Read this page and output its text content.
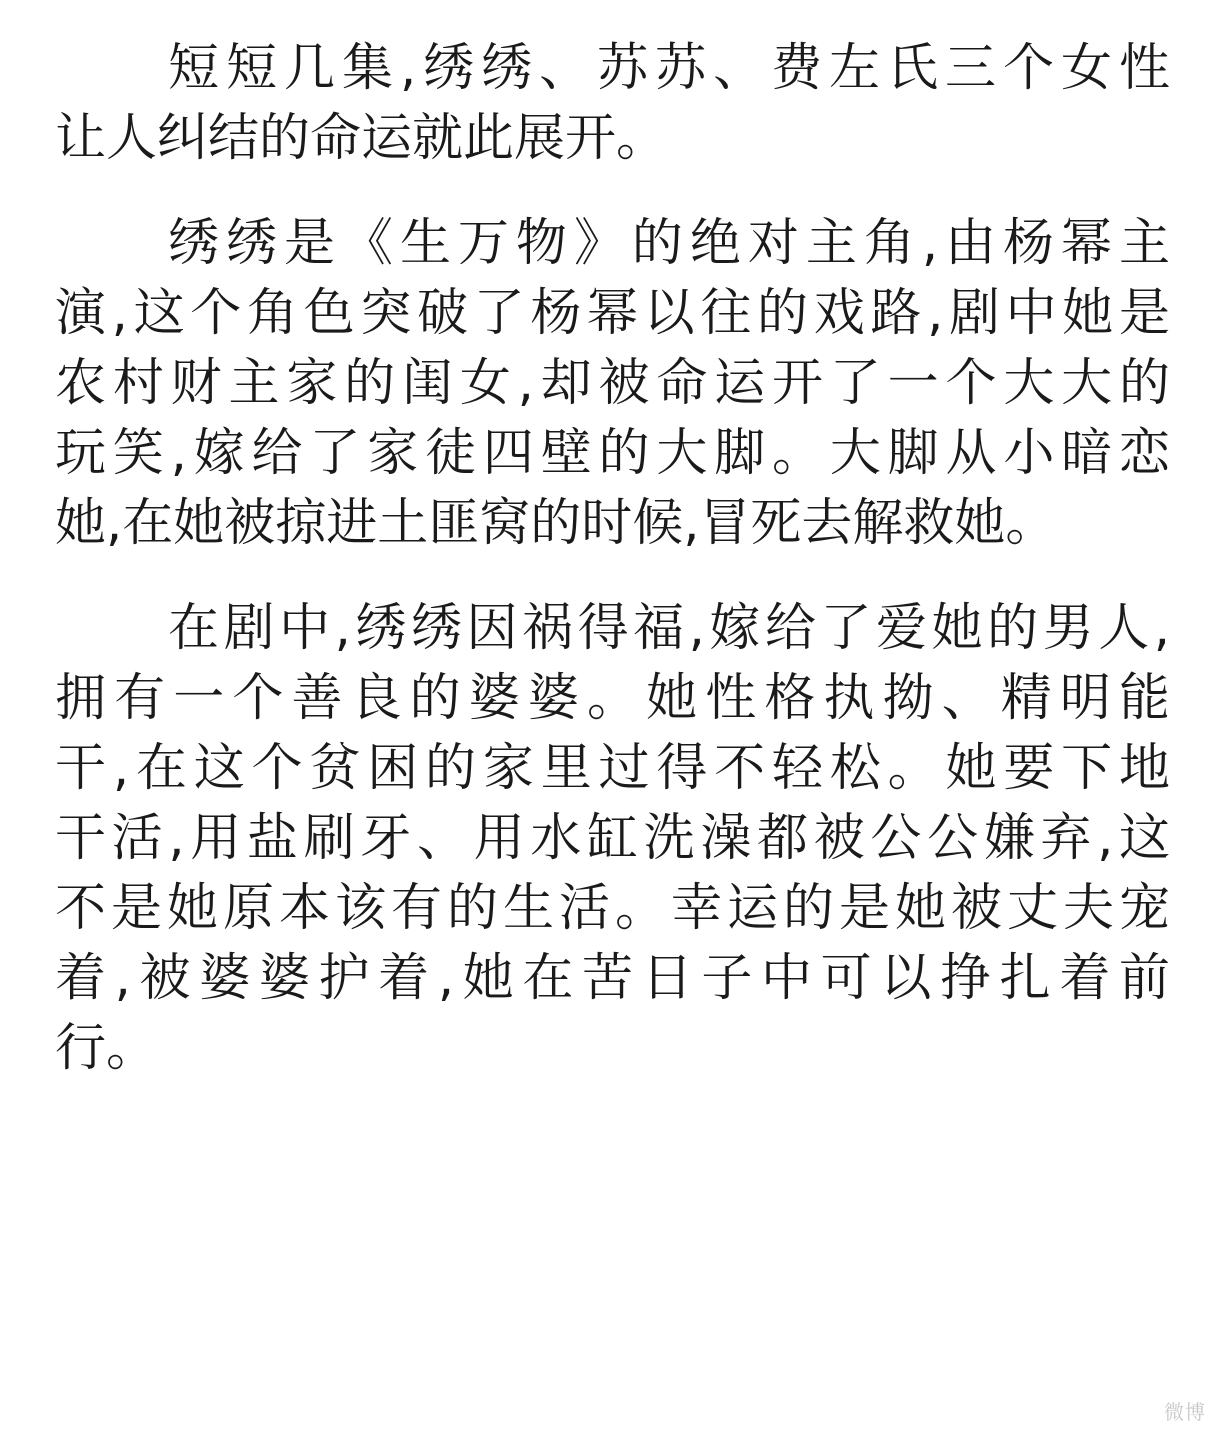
短短几集,绣绣、苏苏、费左氏三个女性
让人纠结的命运就此展开。
绣绣是《生万物》的绝对主角,由杨幂主
演,这个角色突破了杨幂以往的戏路,剧中她是
农村财主家的闺女,却被命运开了一个大大的
玩笑,嫁给了家徒四壁的大脚。大脚从小暗恋
她,在她被掠进土匪窝的时候,冒死去解救她。
在剧中,绣绣因祸得福,嫁给了爱她的男人,
拥有一个善良的婆婆。她性格执拗、精明能
干,在这个贫困的家里过得不轻松。她要下地
干活,用盐刷牙、用水缸洗澡都被公公嫌弃,这
不是她原本该有的生活。幸运的是她被丈夫宠
着,被婆婆护着,她在苦日子中可以挣扎着前
行。
微博
